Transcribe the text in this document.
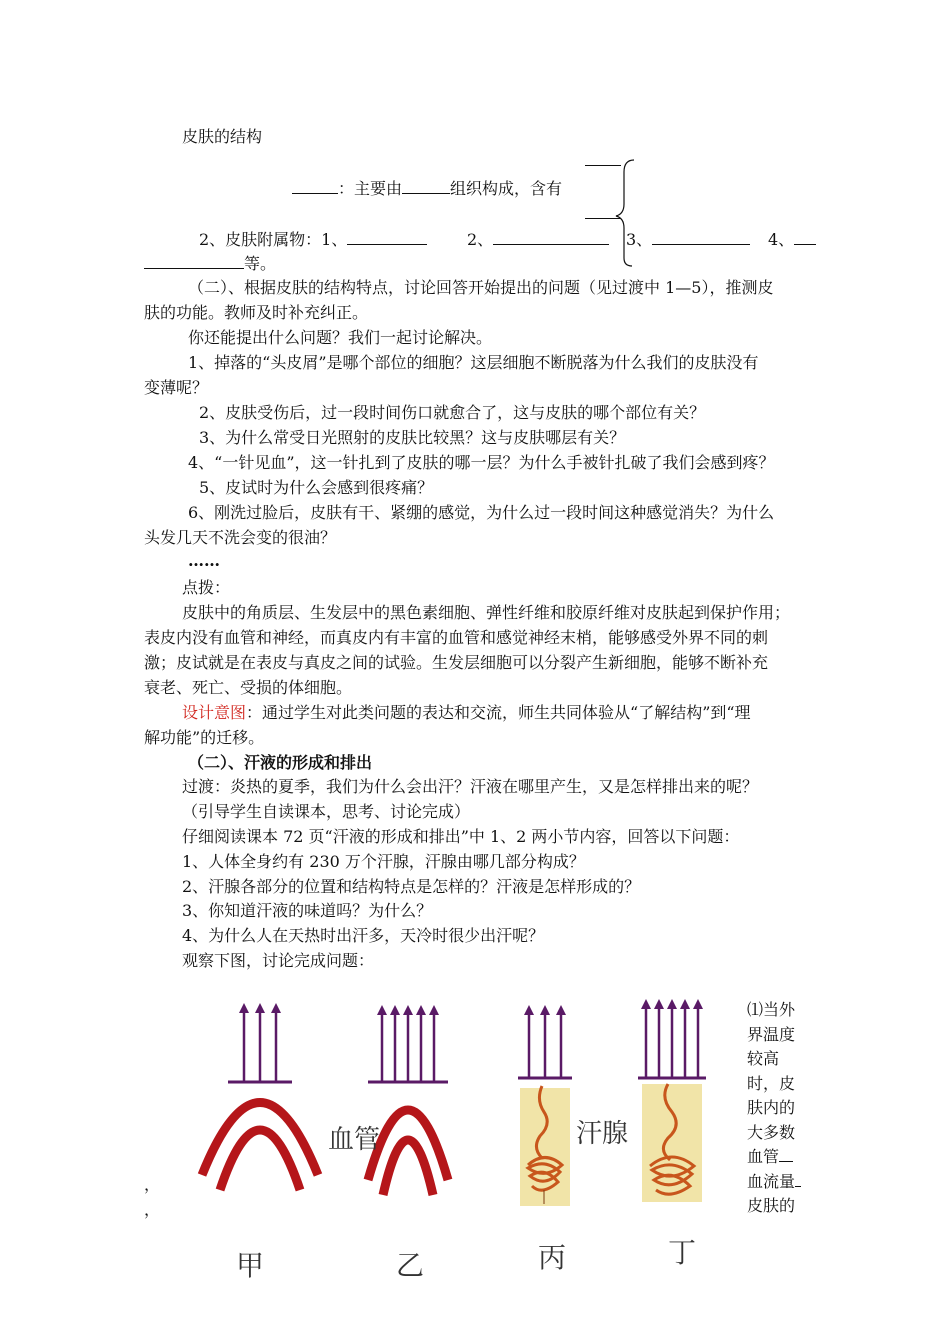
皮肤的结构
：主要由	组织构成，含有
2、皮肤附属物：1、	2、	3、	4、
等。
（二）、根据皮肤的结构特点，讨论回答开始提出的问题（见过渡中 1—5），推测皮
肤的功能。教师及时补充纠正。
你还能提出什么问题？我们一起讨论解决。
1、掉落的“头皮屑”是哪个部位的细胞？这层细胞不断脱落为什么我们的皮肤没有
变薄呢？
2、皮肤受伤后，过一段时间伤口就愈合了，这与皮肤的哪个部位有关？
3、为什么常受日光照射的皮肤比较黑？这与皮肤哪层有关？
4、“一针见血”，这一针扎到了皮肤的哪一层？为什么手被针扎破了我们会感到疼？
5、皮试时为什么会感到很疼痛？
6、刚洗过脸后，皮肤有干、紧绷的感觉，为什么过一段时间这种感觉消失？为什么
头发几天不洗会变的很油？
……
点拨：
皮肤中的角质层、生发层中的黑色素细胞、弹性纤维和胶原纤维对皮肤起到保护作用；
表皮内没有血管和神经，而真皮内有丰富的血管和感觉神经末梢，能够感受外界不同的刺
激；皮试就是在表皮与真皮之间的试验。生发层细胞可以分裂产生新细胞，能够不断补充
衰老、死亡、受损的体细胞。
设计意图：通过学生对此类问题的表达和交流，师生共同体验从“了解结构”到“理
解功能”的迁移。
（二）、汗液的形成和排出
过渡：炎热的夏季，我们为什么会出汗？汗液在哪里产生，又是怎样排出来的呢？
（引导学生自读课本，思考、讨论完成）
仔细阅读课本 72 页“汗液的形成和排出”中 1、2 两小节内容，回答以下问题：
1、人体全身约有 230 万个汗腺，汗腺由哪几部分构成？
2、汗腺各部分的位置和结构特点是怎样的？汗液是怎样形成的？
3、你知道汗液的味道吗？为什么？
4、为什么人在天热时出汗多，天冷时很少出汗呢？
观察下图，讨论完成问题：
⑴当外界温度较高时，皮肤内的大多数血管血流量皮肤的
，
，
血管	汗腺
甲	乙	丙	丁
